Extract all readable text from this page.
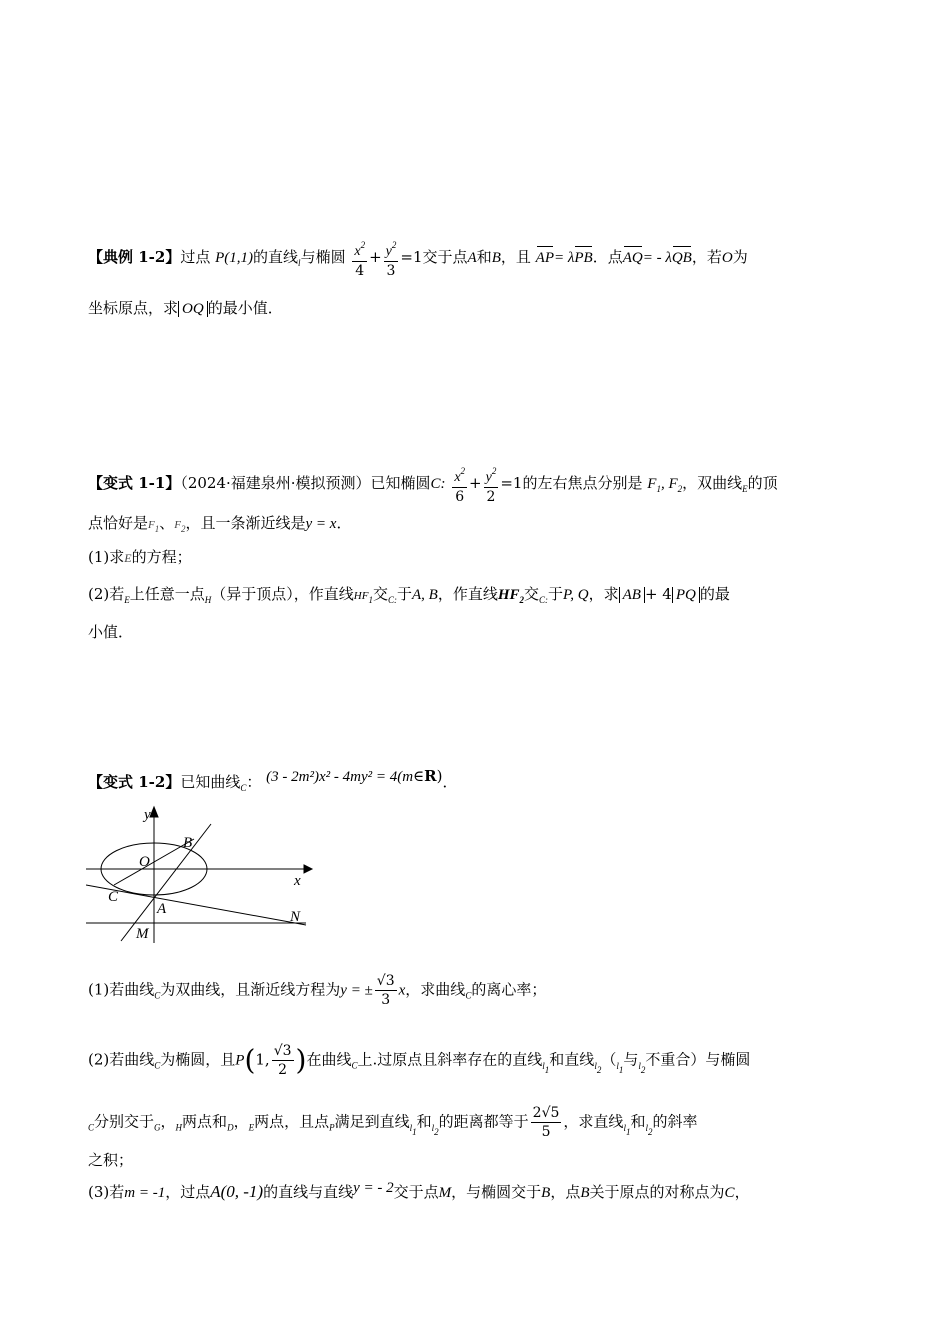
【典例 1-2】过点 P(1,1)的直线$_l$与椭圆 $\frac{x^2}{4} + \frac{y^2}{3} =1$交于点A和B，且 AP= λPB．点AQ= - λQB，若O为
坐标原点，求 OQ 的最小值．
【变式 1-1】（2024·福建泉州·模拟预测）已知椭圆C: $\frac{x^2}{6} + \frac{y^2}{2} =1$的左右焦点分别是 $F_1$, $F_2$，双曲线$_E$的顶
点恰好是$F_1$、$F_2$，且一条渐近线是y = x．
(1)求E的方程；
(2)若$_E$上任意一点$_H$（异于顶点），作直线$HF_1$交$_{C:}$于A, B，作直线$HF_2$交$_{C:}$于P, Q，求 AB + 4 PQ 的最
小值．
【变式 1-2】已知曲线$_C$： (3 - 2m²)x² - 4my² = 4(m∈R)．
y
x
O
B
C
A
M
N
(1)若曲线$_C$为双曲线，且渐近线方程为y = ± $\frac{√3}{3}$ x，求曲线$_C$的离心率；
(2)若曲线$_C$为椭圆，且P(1, $\frac{√3}{2}$ )在曲线$_C$上.过原点且斜率存在的直线$_{l1}$和直线$_{l2}(_{l1}$与$_{l2}$不重合）与椭圆
$_C$分别交于$_G$，$_H$两点和$_D$，$_E$两点，且点$_P$满足到直线$_{l1}$和$_{l2}$的距离都等于 $\frac{2√5}{5}$ ，求直线$_{l1}$和$_{l2}$的斜率
之积；
(3)若m = -1，过点A(0, -1)的直线与直线y = - 2交于点M，与椭圆交于B，点B关于原点的对称点为C，
